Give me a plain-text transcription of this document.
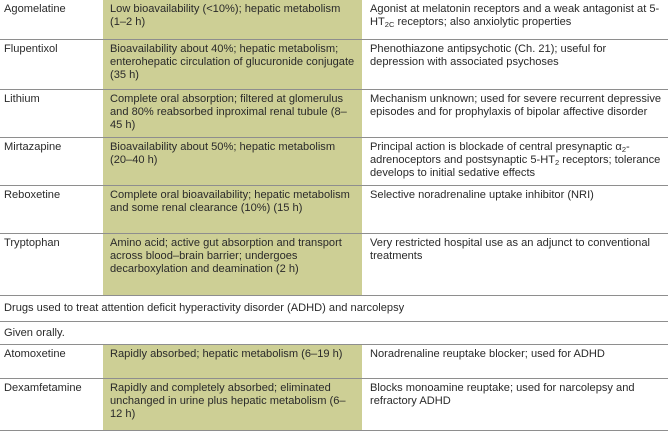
Agomelatine	Low bioavailability (<10%); hepatic metabolism (1–2 h)	Agonist at melatonin receptors and a weak antagonist at $5-HT_{2C}$ receptors; also anxiolytic properties
Flupentixol	Bioavailability about 40%; hepatic metabolism; enterohepatic circulation of glucuronide conjugate (35 h)	Phenothiazone antipsychotic (Ch. 21); useful for depression with associated psychoses
Lithium	Complete oral absorption; filtered at glomerulus and 80% reabsorbed inproximal renal tubule (8–45 h)	Mechanism unknown; used for severe recurrent depressive episodes and for prophylaxis of bipolar affective disorder
Mirtazapine	Bioavailability about 50%; hepatic metabolism (20–40 h)	Principal action is blockade of central presynaptic $\alpha_2$-adrenoceptors and postsynaptic $5-HT_2$ receptors; tolerance develops to initial sedative effects
Reboxetine	Complete oral bioavailability; hepatic metabolism and some renal clearance (10%) (15 h)	Selective noradrenaline uptake inhibitor (NRI)
Tryptophan	Amino acid; active gut absorption and transport across blood–brain barrier; undergoes decarboxylation and deamination (2 h)	Very restricted hospital use as an adjunct to conventional treatments
Drugs used to treat attention deficit hyperactivity disorder (ADHD) and narcolepsy		
Given orally.		
Atomoxetine	Rapidly absorbed; hepatic metabolism (6–19 h)	Noradrenaline reuptake blocker; used for ADHD
Dexamfetamine	Rapidly and completely absorbed; eliminated unchanged in urine plus hepatic metabolism (6–12 h)	Blocks monoamine reuptake; used for narcolepsy and refractory ADHD
